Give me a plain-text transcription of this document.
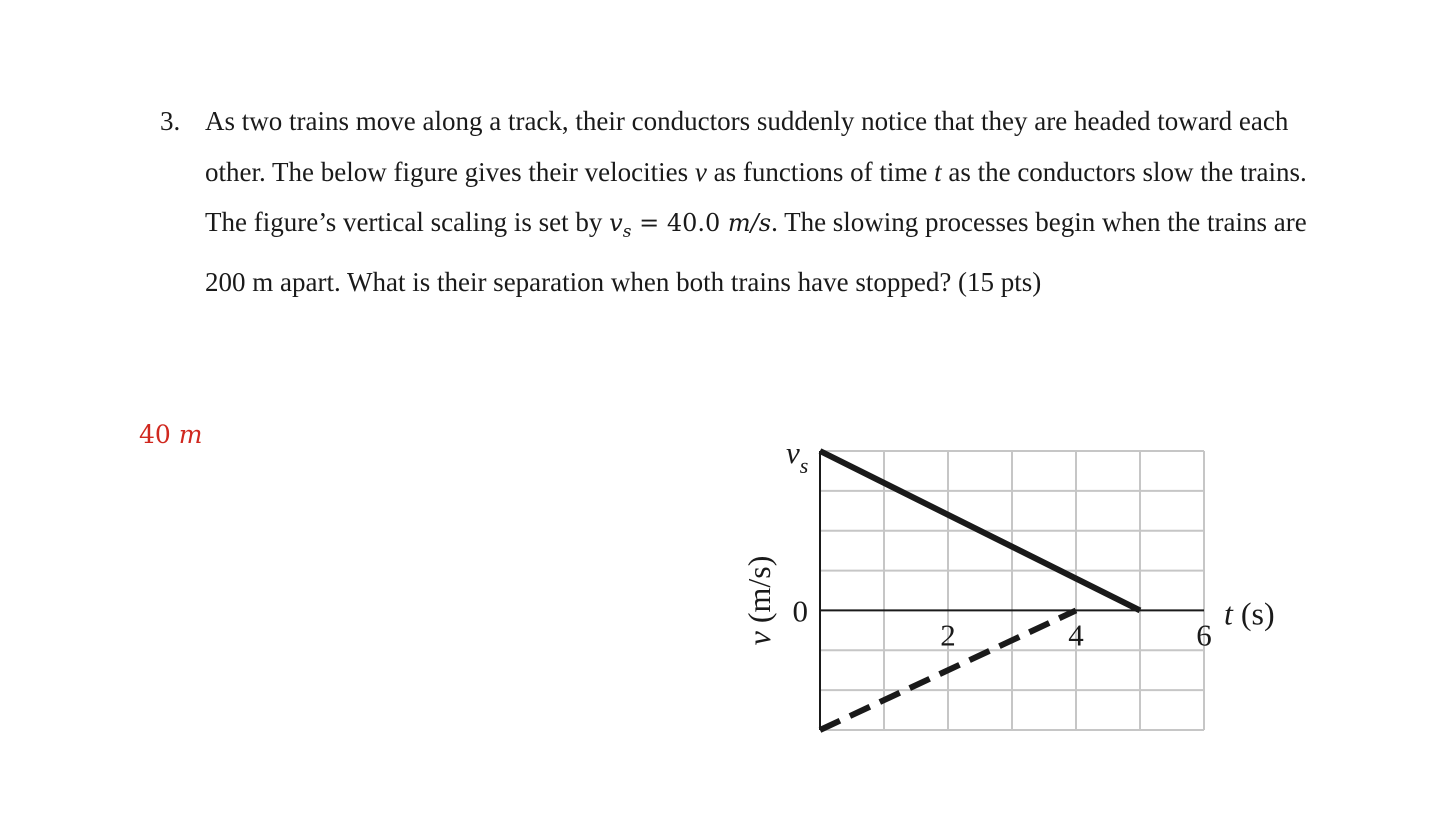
3. As two trains move along a track, their conductors suddenly notice that they are headed toward each other. The below figure gives their velocities v as functions of time t as the conductors slow the trains. The figure’s vertical scaling is set by $v_s = 40.0$ m/s. The slowing processes begin when the trains are 200 m apart. What is their separation when both trains have stopped? (15 pts)
40 m
2	4	6
0
$v_s$
t (s)
v (m/s)
